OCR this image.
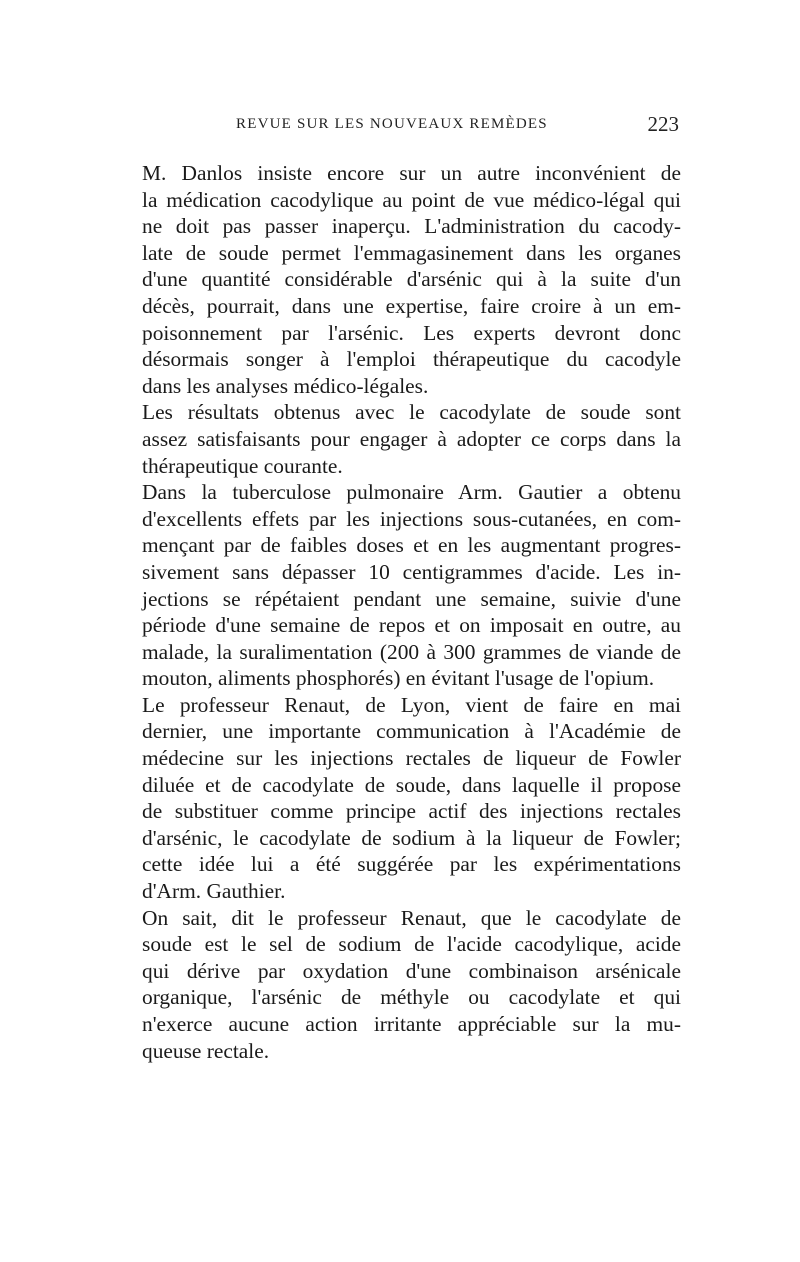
REVUE SUR LES NOUVEAUX REMÈDES	223

M. Danlos insiste encore sur un autre inconvénient de
la médication cacodylique au point de vue médico-légal qui
ne doit pas passer inaperçu. L'administration du cacody-
late de soude permet l'emmagasinement dans les organes
d'une quantité considérable d'arsénic qui à la suite d'un
décès, pourrait, dans une expertise, faire croire à un em-
poisonnement par l'arsénic. Les experts devront donc
désormais songer à l'emploi thérapeutique du cacodyle
dans les analyses médico-légales.

Les résultats obtenus avec le cacodylate de soude sont
assez satisfaisants pour engager à adopter ce corps dans la
thérapeutique courante.

Dans la tuberculose pulmonaire Arm. Gautier a obtenu
d'excellents effets par les injections sous-cutanées, en com-
mençant par de faibles doses et en les augmentant progres-
sivement sans dépasser 10 centigrammes d'acide. Les in-
jections se répétaient pendant une semaine, suivie d'une
période d'une semaine de repos et on imposait en outre, au
malade, la suralimentation (200 à 300 grammes de viande de
mouton, aliments phosphorés) en évitant l'usage de l'opium.

Le professeur Renaut, de Lyon, vient de faire en mai
dernier, une importante communication à l'Académie de
médecine sur les injections rectales de liqueur de Fowler
diluée et de cacodylate de soude, dans laquelle il propose
de substituer comme principe actif des injections rectales
d'arsénic, le cacodylate de sodium à la liqueur de Fowler;
cette idée lui a été suggérée par les expérimentations
d'Arm. Gauthier.

On sait, dit le professeur Renaut, que le cacodylate de
soude est le sel de sodium de l'acide cacodylique, acide
qui dérive par oxydation d'une combinaison arsénicale
organique, l'arsénic de méthyle ou cacodylate et qui
n'exerce aucune action irritante appréciable sur la mu-
queuse rectale.
